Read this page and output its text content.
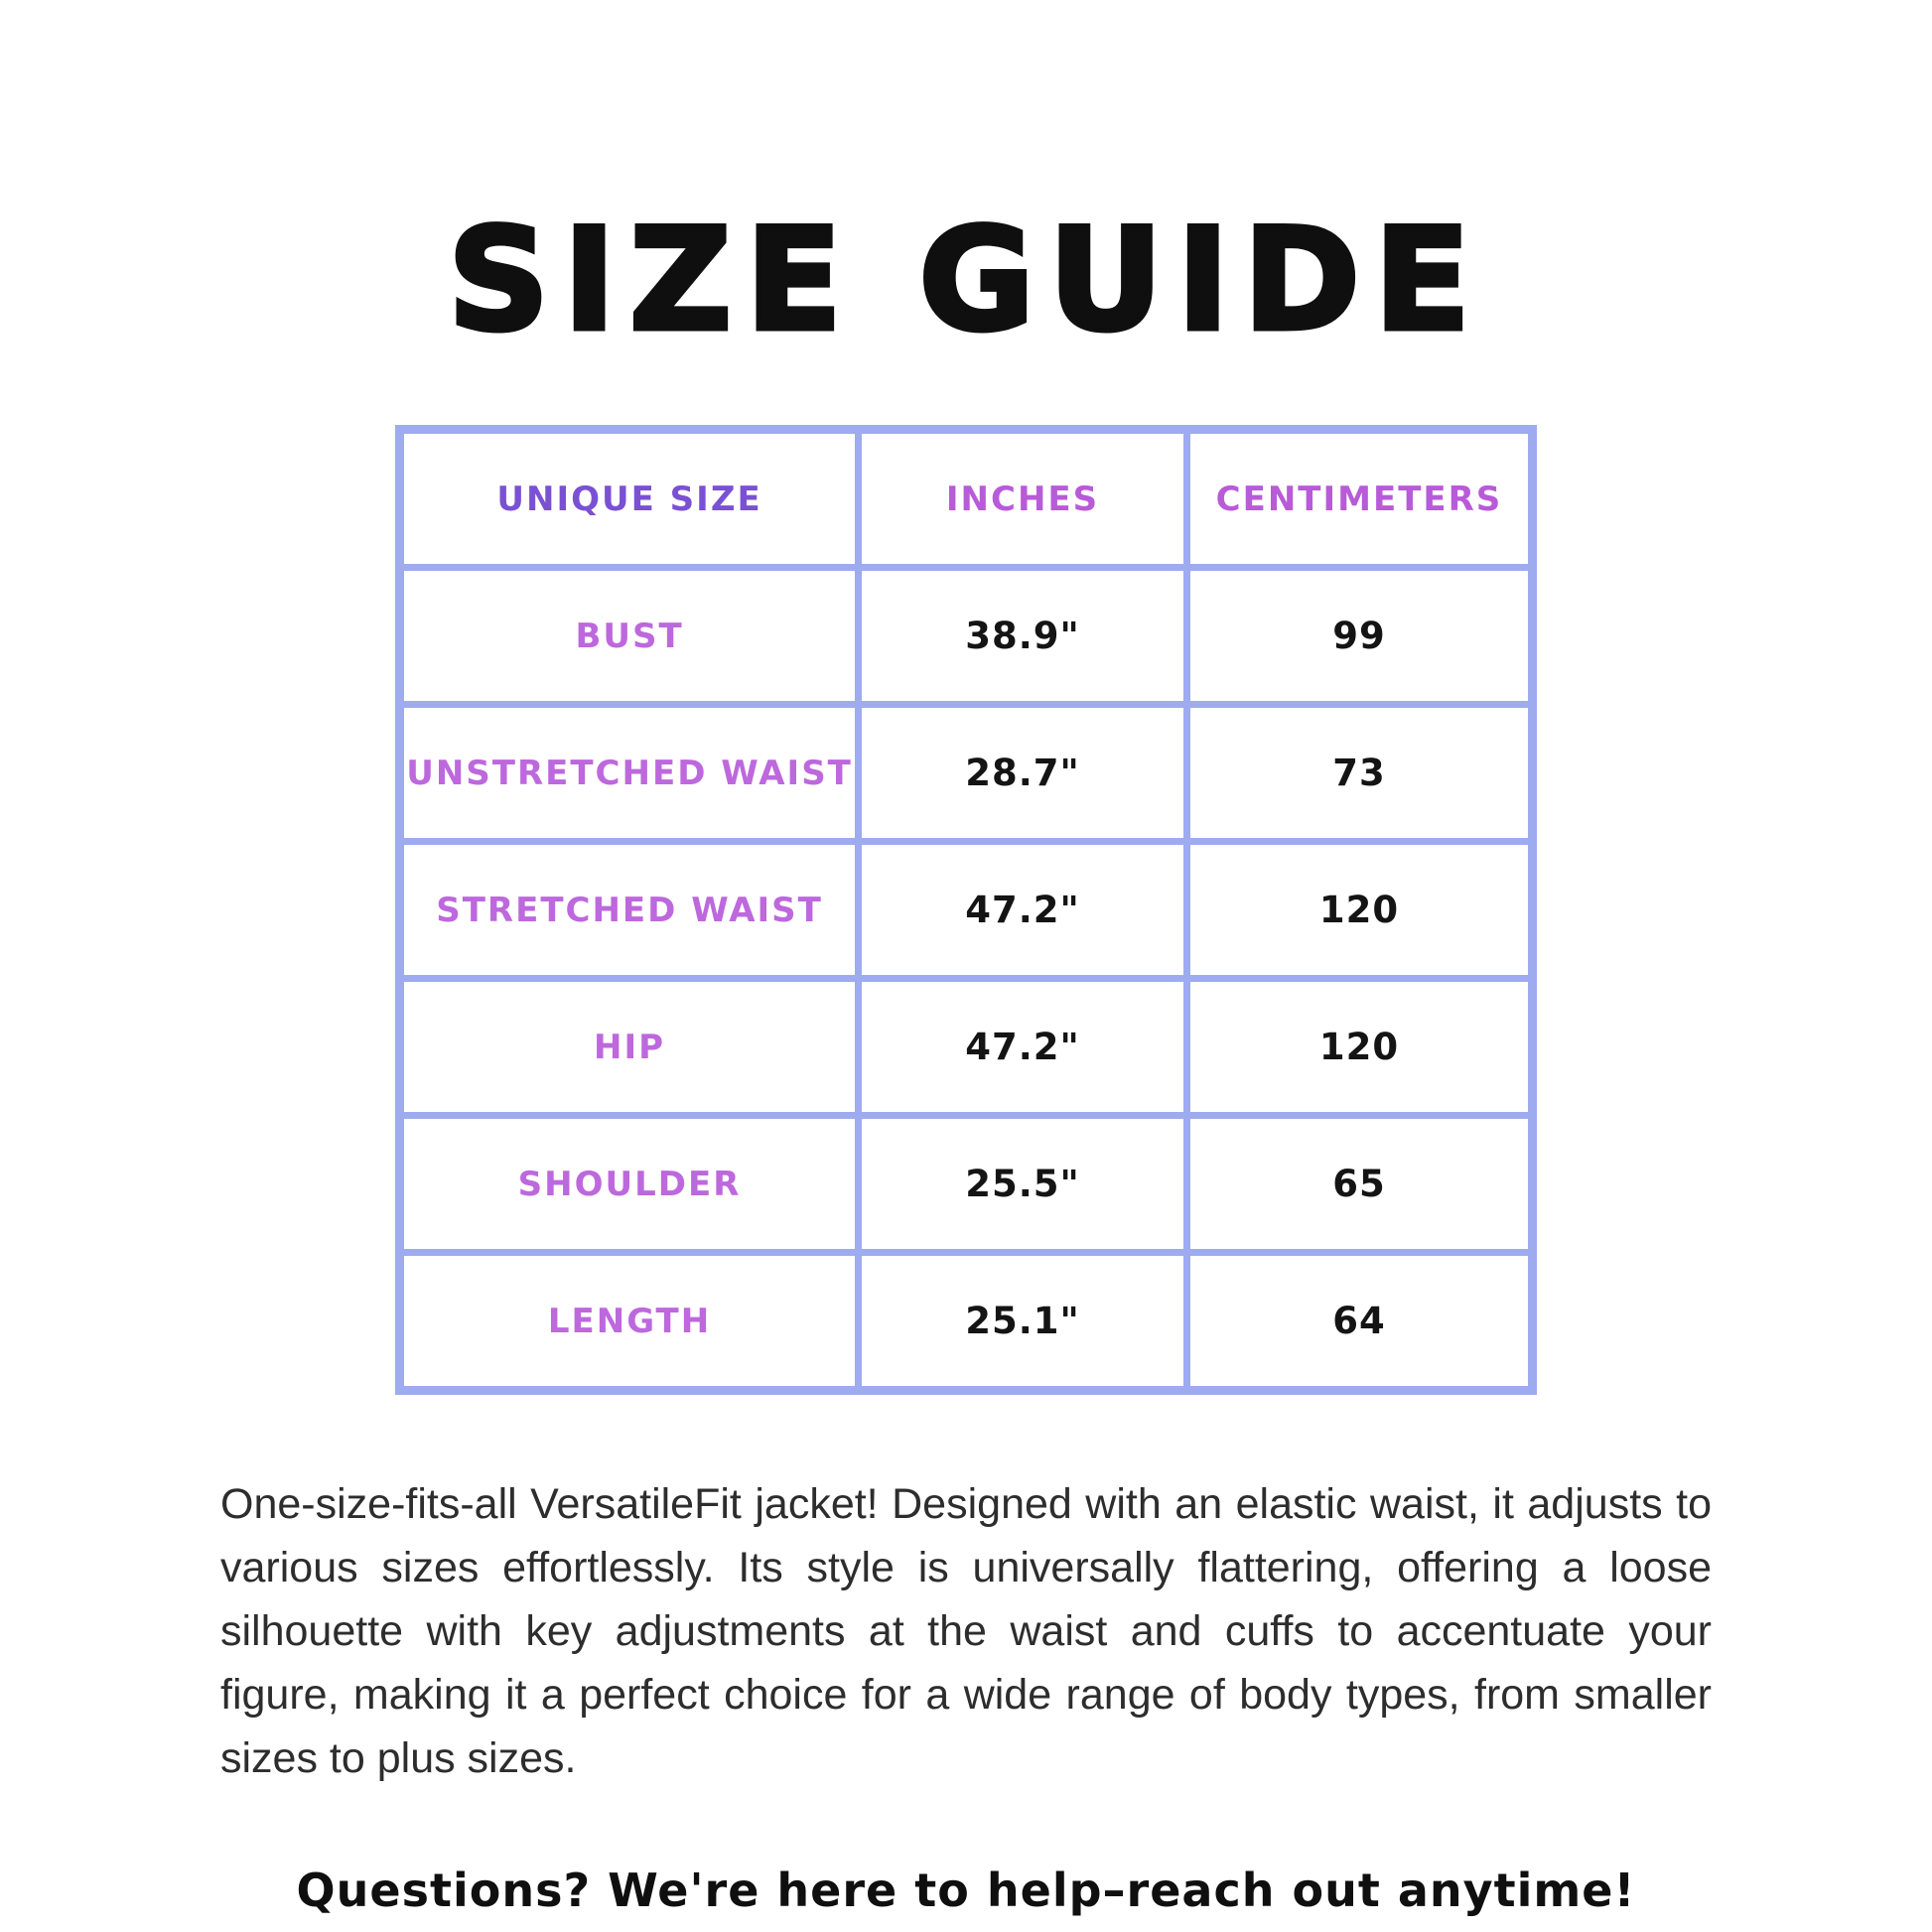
SIZE GUIDE
UNIQUE SIZE	INCHES	CENTIMETERS
BUST	38.9"	99
UNSTRETCHED WAIST	28.7"	73
STRETCHED WAIST	47.2"	120
HIP	47.2"	120
SHOULDER	25.5"	65
LENGTH	25.1"	64
One-size-fits-all VersatileFit jacket! Designed with an elastic waist, it adjusts to various sizes effortlessly. Its style is universally flattering, offering a loose silhouette with key adjustments at the waist and cuffs to accentuate your figure, making it a perfect choice for a wide range of body types, from smaller sizes to plus sizes.
Questions? We're here to help–reach out anytime!
